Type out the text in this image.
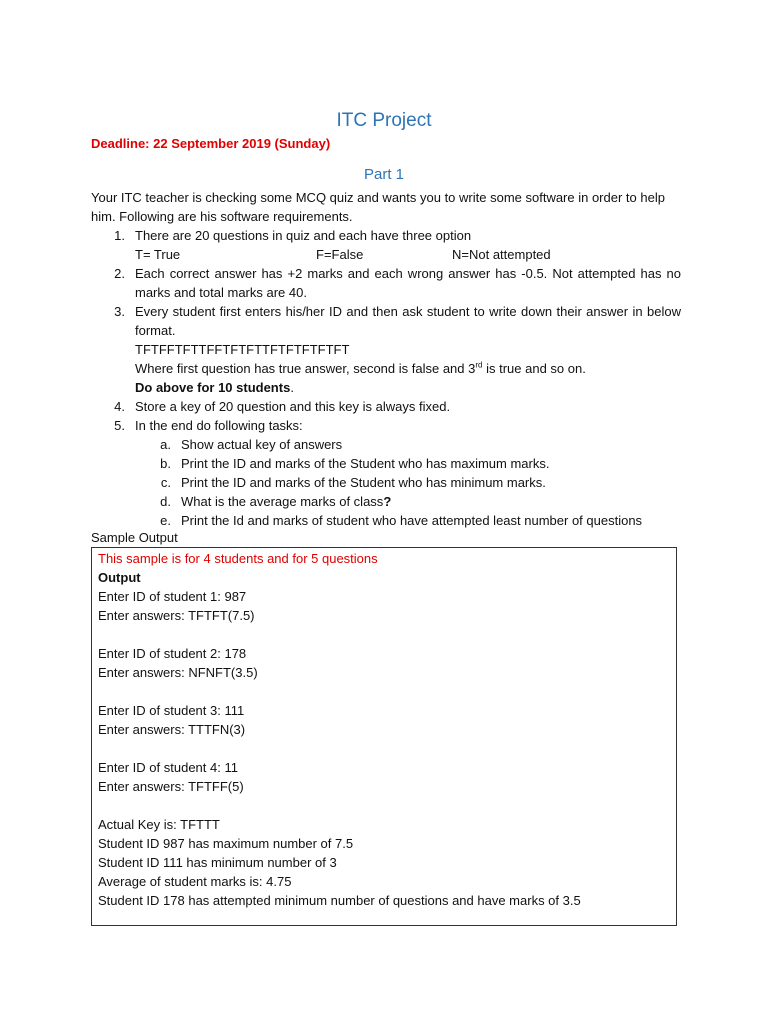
ITC Project
Deadline: 22 September 2019 (Sunday)
Part 1
Your ITC teacher is checking some MCQ quiz and wants you to write some software in order to help him. Following are his software requirements.
1. There are 20 questions in quiz and each have three option
T= True	F=False	N=Not attempted
2. Each correct answer has +2 marks and each wrong answer has -0.5. Not attempted has no marks and total marks are 40.
3. Every student first enters his/her ID and then ask student to write down their answer in below format.
TFTFFTFTTFFTFTFTTFTFTFTFTFT
Where first question has true answer, second is false and 3rd is true and so on.
Do above for 10 students.
4. Store a key of 20 question and this key is always fixed.
5. In the end do following tasks:
a. Show actual key of answers
b. Print the ID and marks of the Student who has maximum marks.
c. Print the ID and marks of the Student who has minimum marks.
d. What is the average marks of class?
e. Print the Id and marks of student who have attempted least number of questions
Sample Output
This sample is for 4 students and for 5 questions
Output
Enter ID of student 1: 987
Enter answers: TFTFT(7.5)
Enter ID of student 2: 178
Enter answers: NFNFT(3.5)
Enter ID of student 3: 111
Enter answers: TTTFN(3)
Enter ID of student 4: 11
Enter answers: TFTFF(5)
Actual Key is: TFTTT
Student ID 987 has maximum number of 7.5
Student ID 111 has minimum number of 3
Average of student marks is: 4.75
Student ID 178 has attempted minimum number of questions and have marks of 3.5
